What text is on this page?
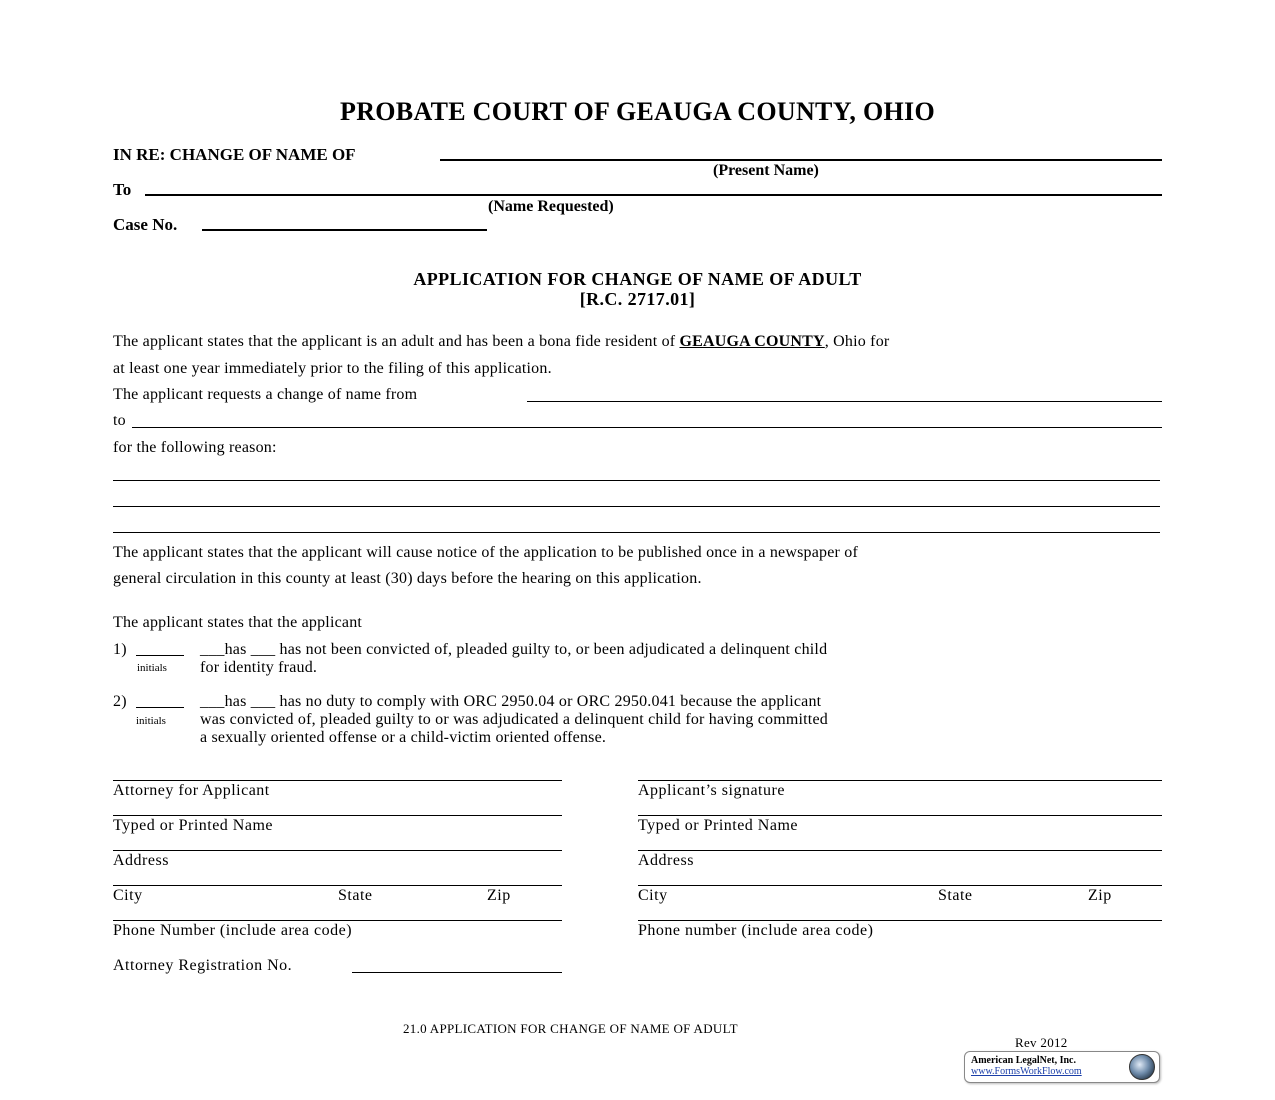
PROBATE COURT OF GEAUGA COUNTY, OHIO
IN RE: CHANGE OF NAME OF
(Present Name)
To
(Name Requested)
Case No.
APPLICATION FOR CHANGE OF NAME OF ADULT
[R.C. 2717.01]
The applicant states that the applicant is an adult and has been a bona fide resident of GEAUGA COUNTY, Ohio for
at least one year immediately prior to the filing of this application.
The applicant requests a change of name from
to
for the following reason:
The applicant states that the applicant will cause notice of the application to be published once in a newspaper of
general circulation in this county at least (30) days before the hearing on this application.
The applicant states that the applicant
1)
initials
___has ___ has not been convicted of, pleaded guilty to, or been adjudicated a delinquent child
for identity fraud.
2)
initials
___has ___ has no duty to comply with ORC 2950.04 or ORC 2950.041 because the applicant
was convicted of, pleaded guilty to or was adjudicated a delinquent child for having committed
a sexually oriented offense or a child-victim oriented offense.
Attorney for Applicant
Typed or Printed Name
Address
City	State	Zip
Phone Number (include area code)
Attorney Registration No.
Applicant’s signature
Typed or Printed Name
Address
City	State	Zip
Phone number (include area code)
21.0 APPLICATION FOR CHANGE OF NAME OF ADULT
Rev 2012
American LegalNet, Inc.
www.FormsWorkFlow.com
